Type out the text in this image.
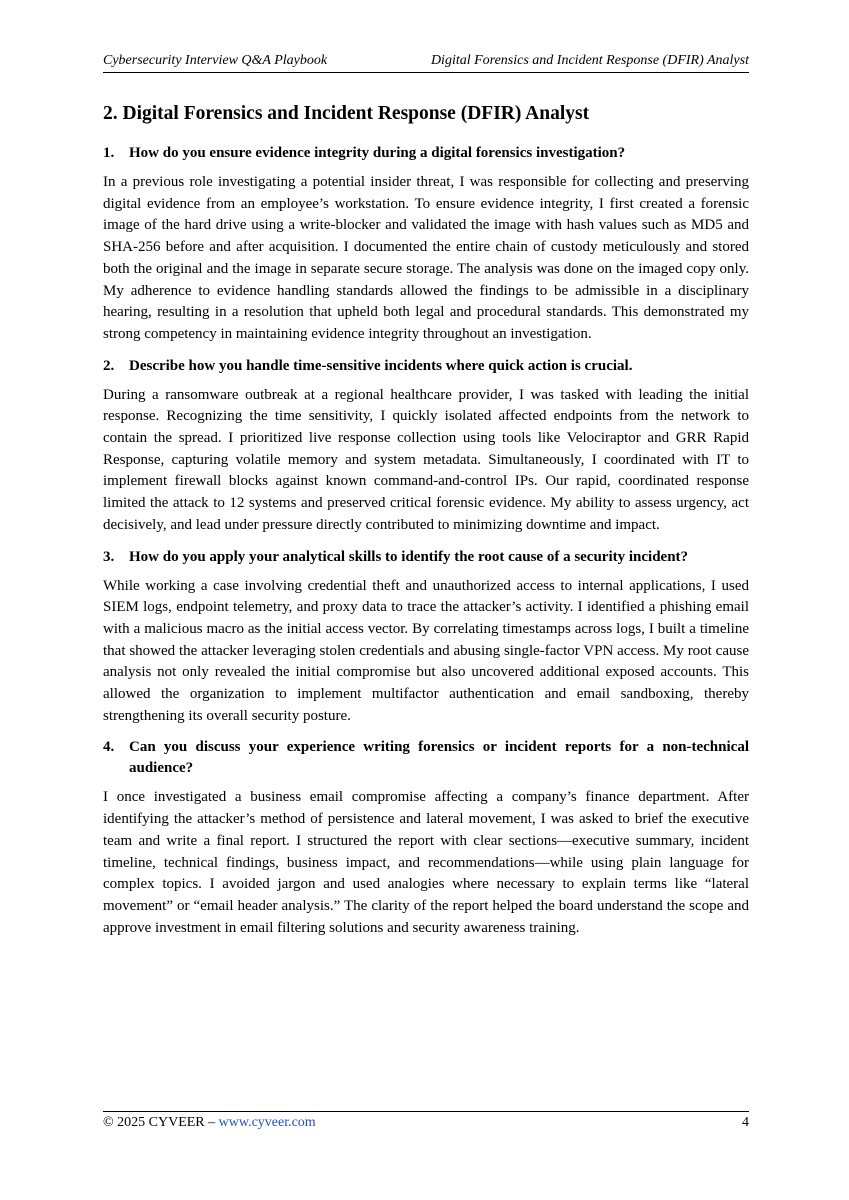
Cybersecurity Interview Q&A Playbook	Digital Forensics and Incident Response (DFIR) Analyst
2. Digital Forensics and Incident Response (DFIR) Analyst
1. How do you ensure evidence integrity during a digital forensics investigation?

In a previous role investigating a potential insider threat, I was responsible for collecting and preserving digital evidence from an employee’s workstation. To ensure evidence integrity, I first created a forensic image of the hard drive using a write-blocker and validated the image with hash values such as MD5 and SHA-256 before and after acquisition. I documented the entire chain of custody meticulously and stored both the original and the image in separate secure storage. The analysis was done on the imaged copy only. My adherence to evidence handling standards allowed the findings to be admissible in a disciplinary hearing, resulting in a resolution that upheld both legal and procedural standards. This demonstrated my strong competency in maintaining evidence integrity throughout an investigation.

2. Describe how you handle time-sensitive incidents where quick action is crucial.

During a ransomware outbreak at a regional healthcare provider, I was tasked with leading the initial response. Recognizing the time sensitivity, I quickly isolated affected endpoints from the network to contain the spread. I prioritized live response collection using tools like Velociraptor and GRR Rapid Response, capturing volatile memory and system metadata. Simultaneously, I coordinated with IT to implement firewall blocks against known command-and-control IPs. Our rapid, coordinated response limited the attack to 12 systems and preserved critical forensic evidence. My ability to assess urgency, act decisively, and lead under pressure directly contributed to minimizing downtime and impact.

3. How do you apply your analytical skills to identify the root cause of a security incident?

While working a case involving credential theft and unauthorized access to internal applications, I used SIEM logs, endpoint telemetry, and proxy data to trace the attacker’s activity. I identified a phishing email with a malicious macro as the initial access vector. By correlating timestamps across logs, I built a timeline that showed the attacker leveraging stolen credentials and abusing single-factor VPN access. My root cause analysis not only revealed the initial compromise but also uncovered additional exposed accounts. This allowed the organization to implement multifactor authentication and email sandboxing, thereby strengthening its overall security posture.

4. Can you discuss your experience writing forensics or incident reports for a non-technical audience?

I once investigated a business email compromise affecting a company’s finance department. After identifying the attacker’s method of persistence and lateral movement, I was asked to brief the executive team and write a final report. I structured the report with clear sections—executive summary, incident timeline, technical findings, business impact, and recommendations—while using plain language for complex topics. I avoided jargon and used analogies where necessary to explain terms like “lateral movement” or “email header analysis.” The clarity of the report helped the board understand the scope and approve investment in email filtering solutions and security awareness training.

© 2025 CYVEER – www.cyveer.com	4
